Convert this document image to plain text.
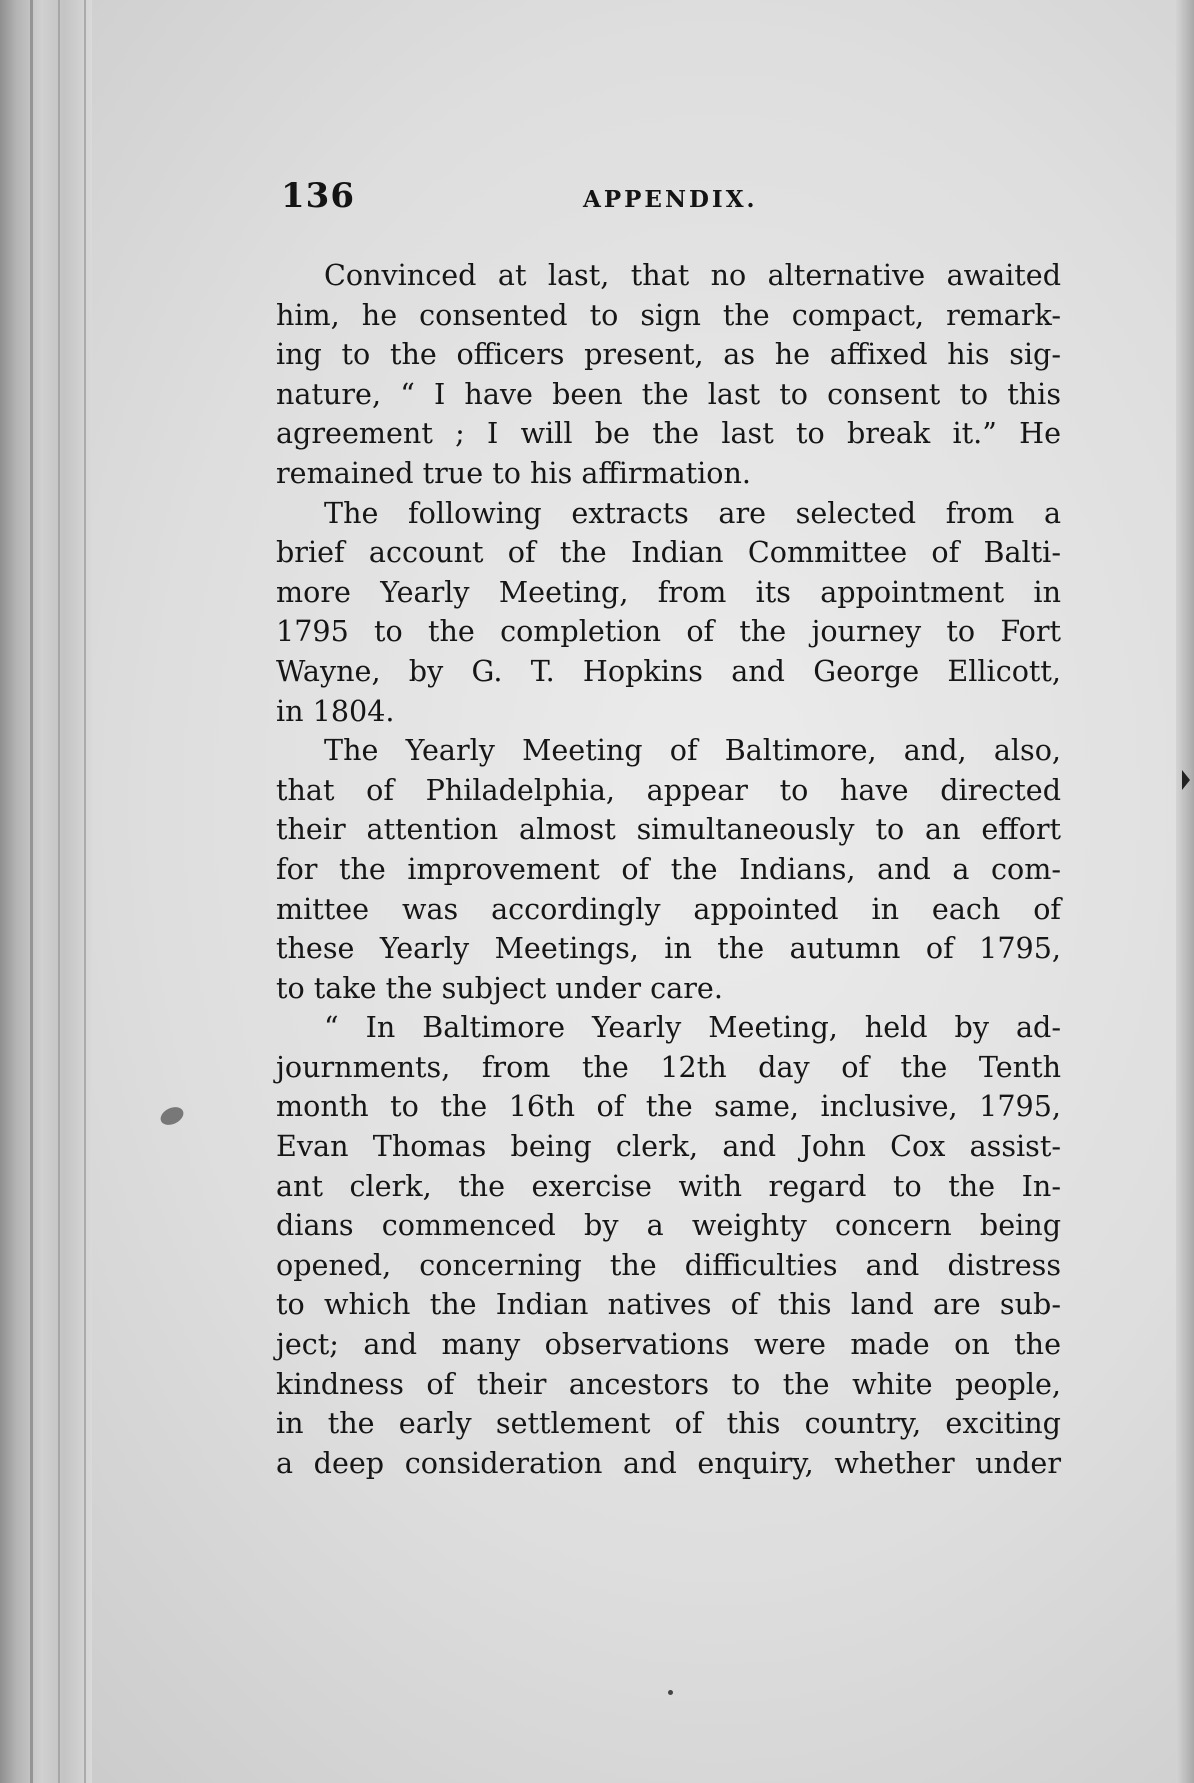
136	APPENDIX.
Convinced at last, that no alternative awaited
him, he consented to sign the compact, remark-
ing to the officers present, as he affixed his sig-
nature, “ I have been the last to consent to this
agreement ; I will be the last to break it.” He
remained true to his affirmation.
The following extracts are selected from a
brief account of the Indian Committee of Balti-
more Yearly Meeting, from its appointment in
1795 to the completion of the journey to Fort
Wayne, by G. T. Hopkins and George Ellicott,
in 1804.
The Yearly Meeting of Baltimore, and, also,
that of Philadelphia, appear to have directed
their attention almost simultaneously to an effort
for the improvement of the Indians, and a com-
mittee was accordingly appointed in each of
these Yearly Meetings, in the autumn of 1795,
to take the subject under care.
“ In Baltimore Yearly Meeting, held by ad-
journments, from the 12th day of the Tenth
month to the 16th of the same, inclusive, 1795,
Evan Thomas being clerk, and John Cox assist-
ant clerk, the exercise with regard to the In-
dians commenced by a weighty concern being
opened, concerning the difficulties and distress
to which the Indian natives of this land are sub-
ject; and many observations were made on the
kindness of their ancestors to the white people,
in the early settlement of this country, exciting
a deep consideration and enquiry, whether under
